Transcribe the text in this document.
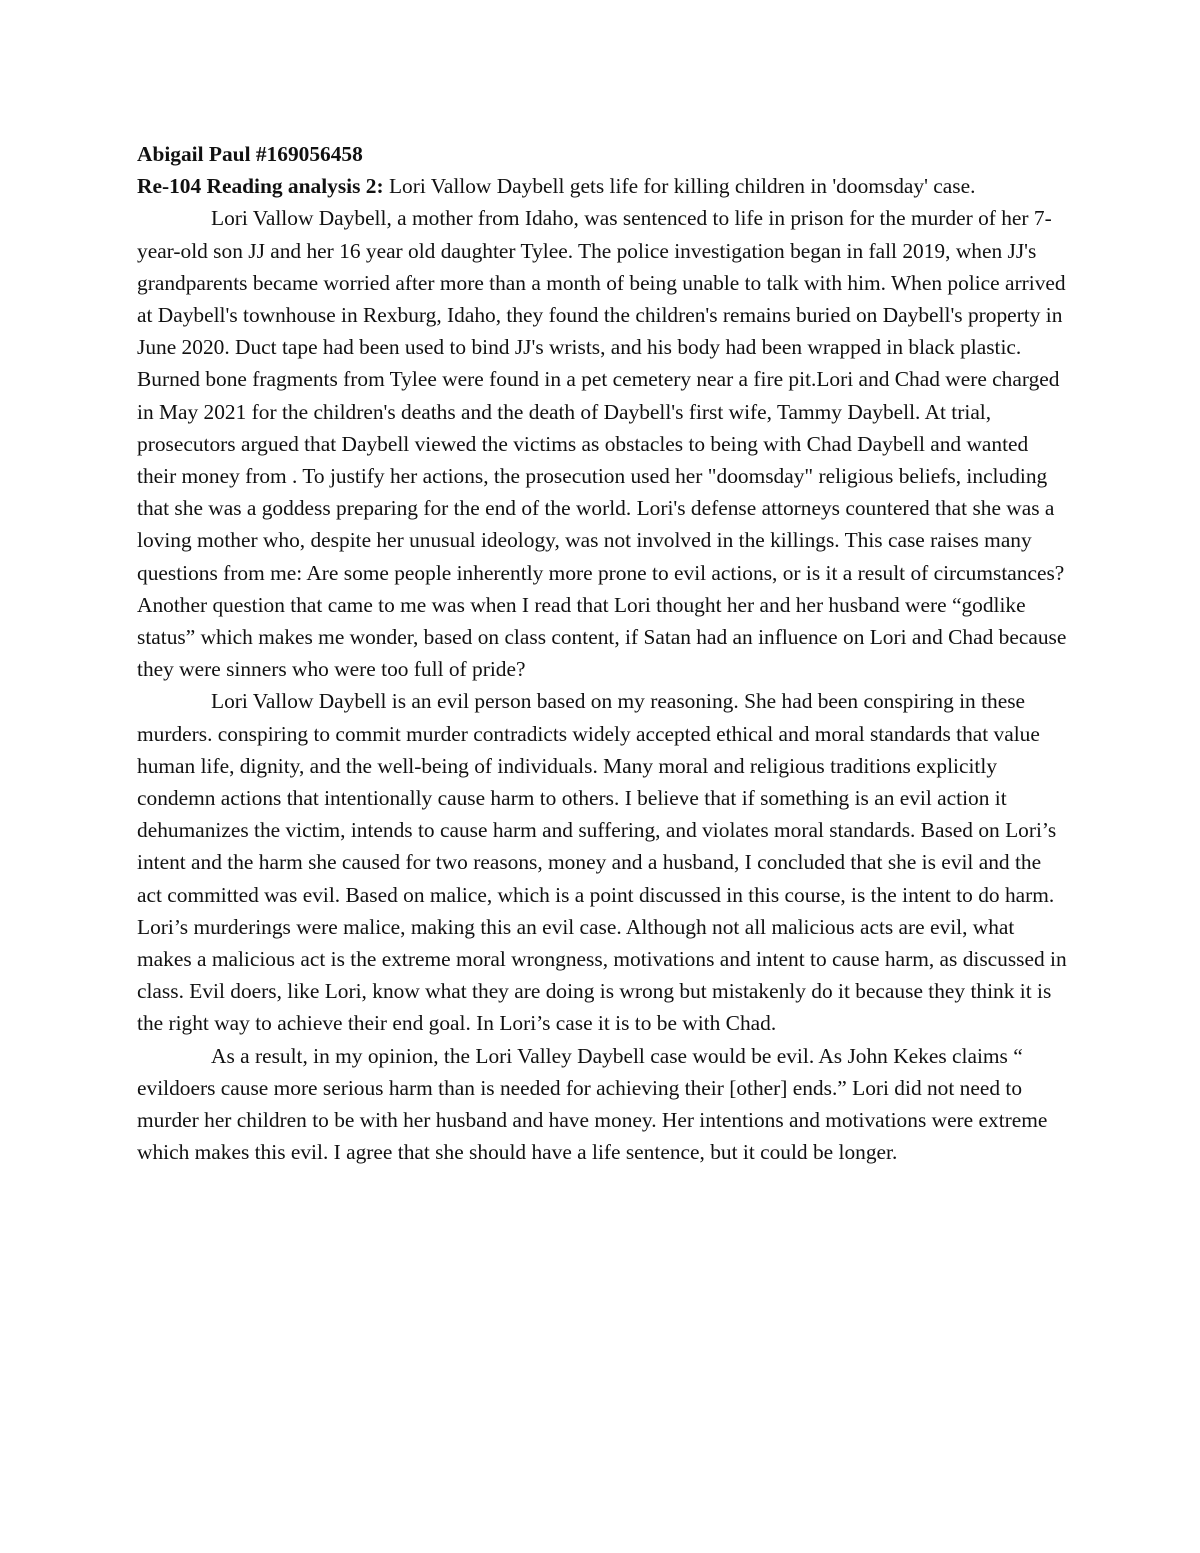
Abigail Paul #169056458

Re-104 Reading analysis 2: Lori Vallow Daybell gets life for killing children in 'doomsday' case.

Lori Vallow Daybell, a mother from Idaho, was sentenced to life in prison for the murder of her 7-year-old son JJ and her 16 year old daughter Tylee. The police investigation began in fall 2019, when JJ's grandparents became worried after more than a month of being unable to talk with him. When police arrived at Daybell's townhouse in Rexburg, Idaho, they found the children's remains buried on Daybell's property in June 2020. Duct tape had been used to bind JJ's wrists, and his body had been wrapped in black plastic. Burned bone fragments from Tylee were found in a pet cemetery near a fire pit.Lori and Chad were charged in May 2021 for the children's deaths and the death of Daybell's first wife, Tammy Daybell. At trial, prosecutors argued that Daybell viewed the victims as obstacles to being with Chad Daybell and wanted their money from . To justify her actions, the prosecution used her "doomsday" religious beliefs, including that she was a goddess preparing for the end of the world. Lori's defense attorneys countered that she was a loving mother who, despite her unusual ideology, was not involved in the killings. This case raises many questions from me: Are some people inherently more prone to evil actions, or is it a result of circumstances? Another question that came to me was when I read that Lori thought her and her husband were “godlike status” which makes me wonder, based on class content, if Satan had an influence on Lori and Chad because they were sinners who were too full of pride?

Lori Vallow Daybell is an evil person based on my reasoning. She had been conspiring in these murders. conspiring to commit murder contradicts widely accepted ethical and moral standards that value human life, dignity, and the well-being of individuals. Many moral and religious traditions explicitly condemn actions that intentionally cause harm to others. I believe that if something is an evil action it dehumanizes the victim, intends to cause harm and suffering, and violates moral standards. Based on Lori’s intent and the harm she caused for two reasons, money and a husband, I concluded that she is evil and the act committed was evil. Based on malice, which is a point discussed in this course, is the intent to do harm. Lori’s murderings were malice, making this an evil case. Although not all malicious acts are evil, what makes a malicious act is the extreme moral wrongness, motivations and intent to cause harm, as discussed in class. Evil doers, like Lori, know what they are doing is wrong but mistakenly do it because they think it is the right way to achieve their end goal. In Lori’s case it is to be with Chad.

As a result, in my opinion, the Lori Valley Daybell case would be evil. As John Kekes claims “ evildoers cause more serious harm than is needed for achieving their [other] ends.” Lori did not need to murder her children to be with her husband and have money. Her intentions and motivations were extreme which makes this evil. I agree that she should have a life sentence, but it could be longer.
